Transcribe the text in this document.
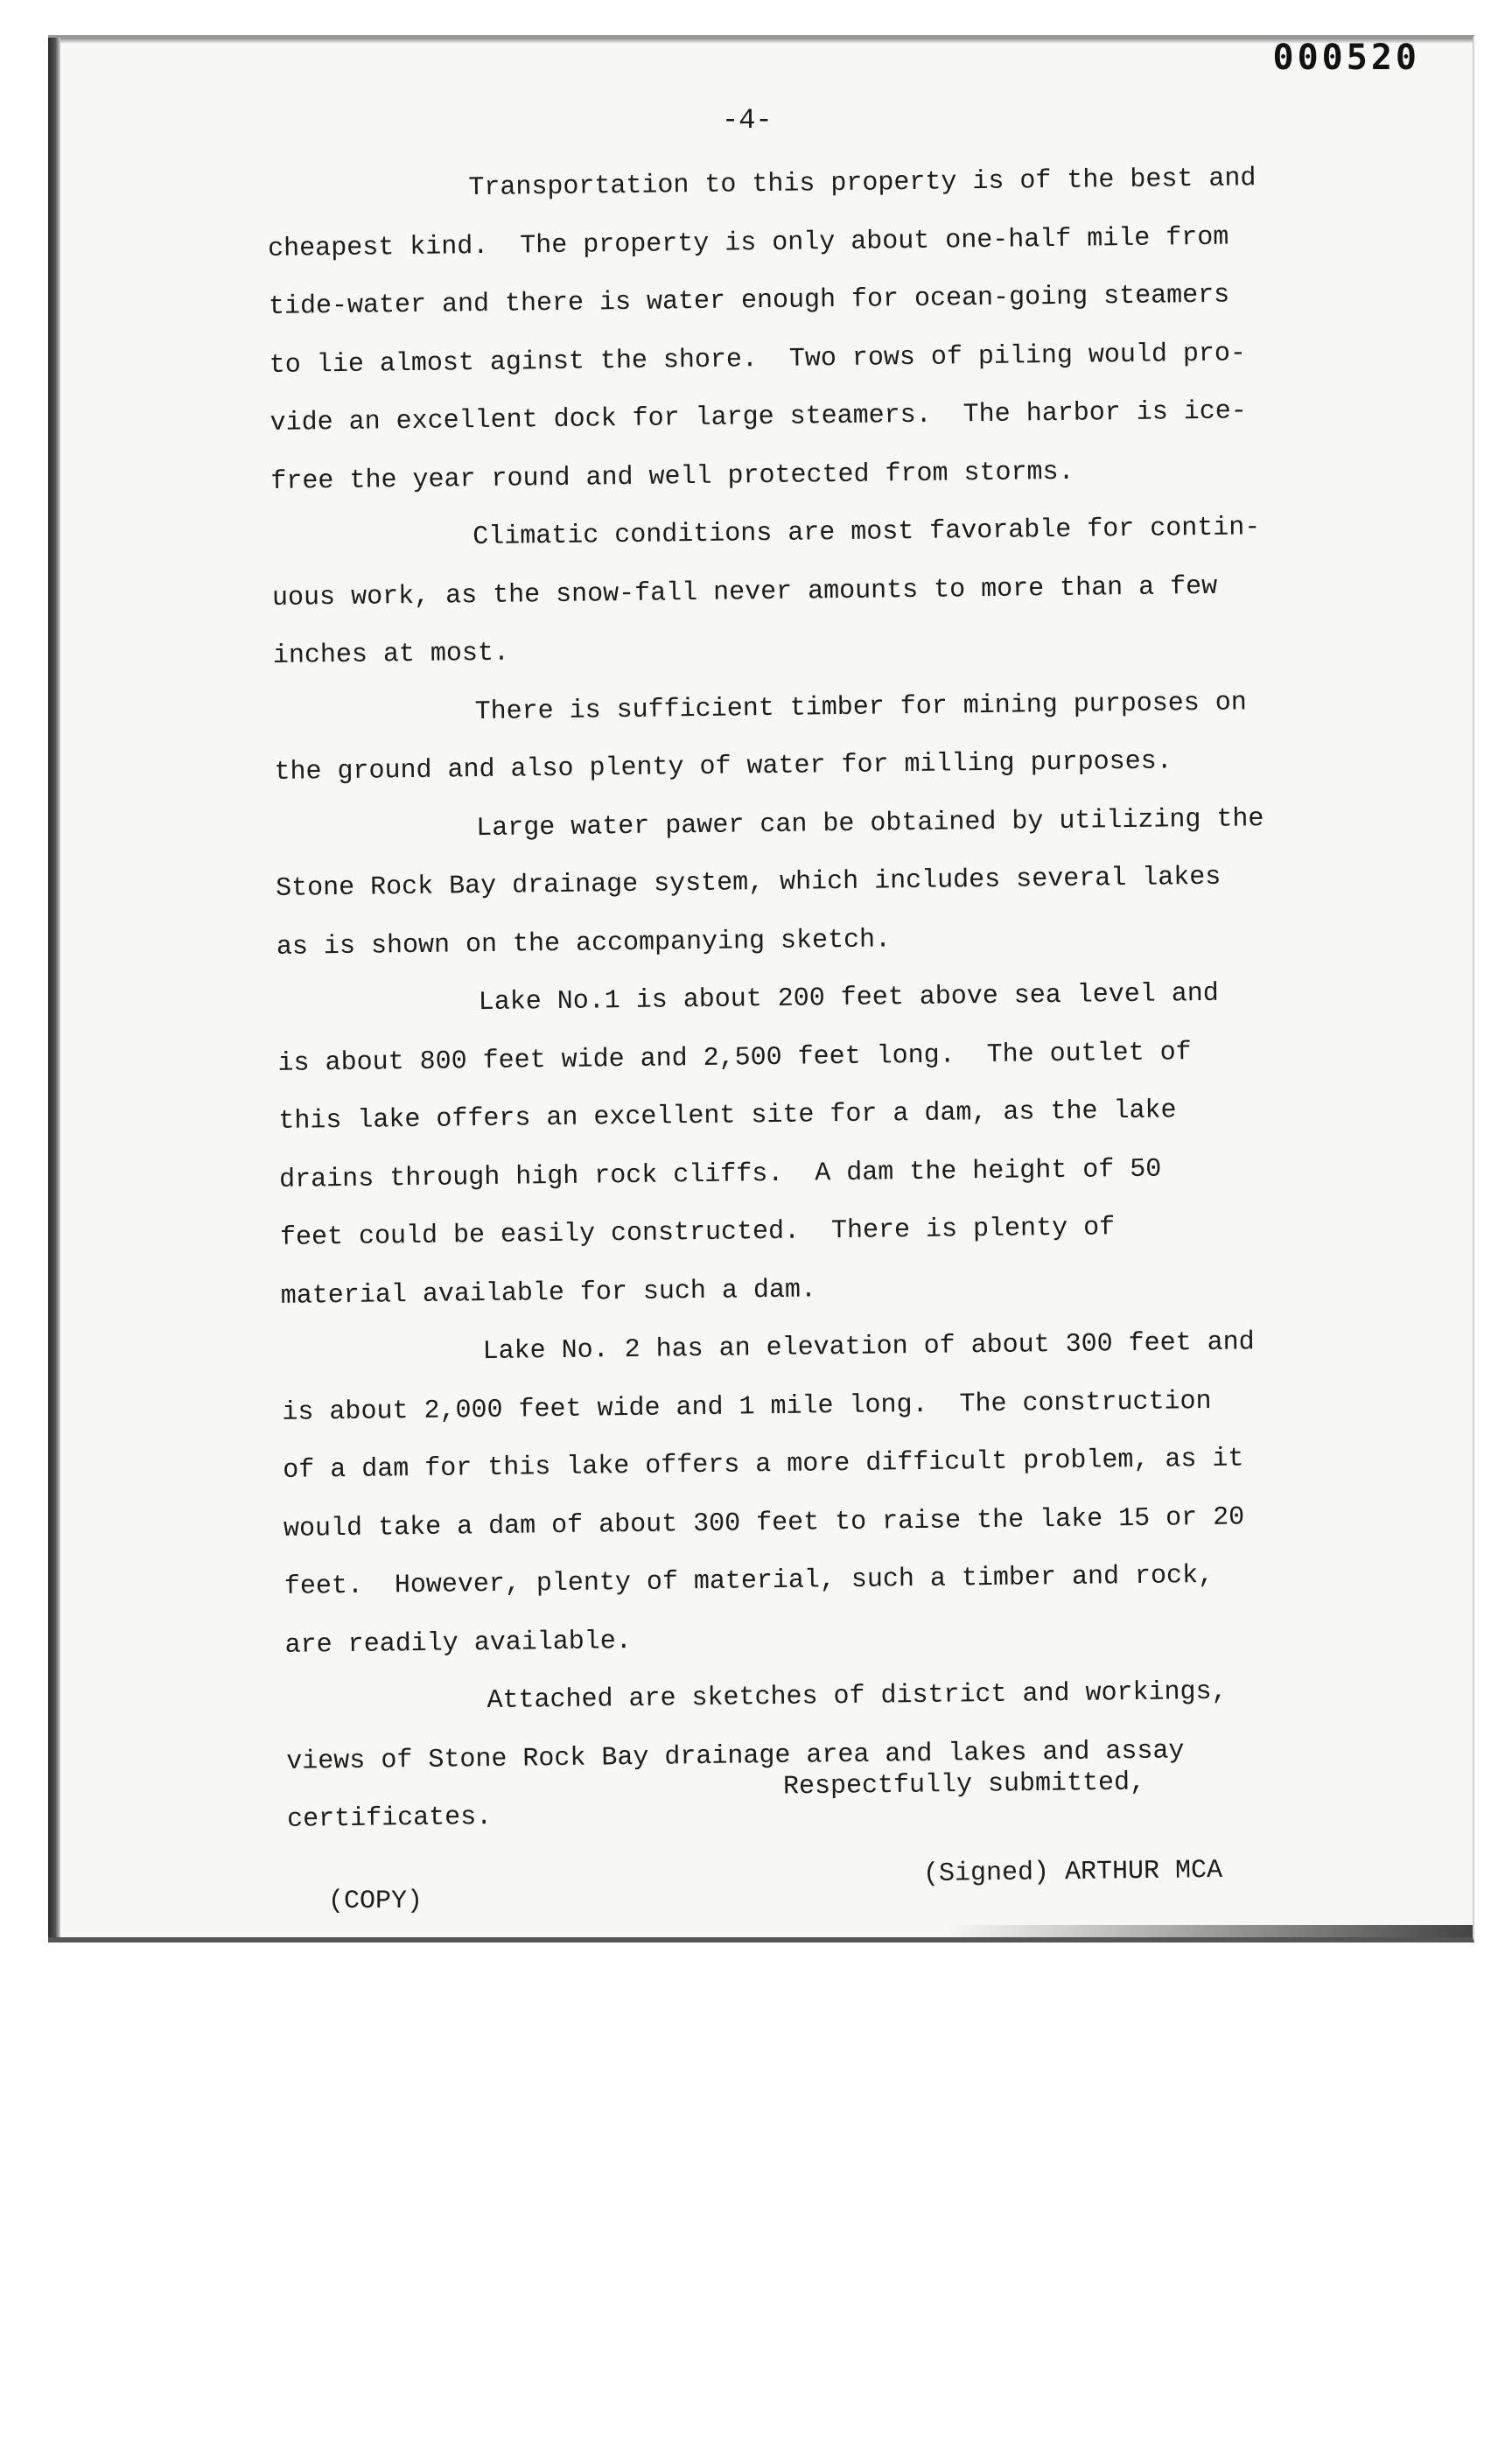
000520
-4-
Transportation to this property is of the best and
cheapest kind.  The property is only about one-half mile from
tide-water and there is water enough for ocean-going steamers
to lie almost aginst the shore.  Two rows of piling would pro-
vide an excellent dock for large steamers.  The harbor is ice-
free the year round and well protected from storms.
Climatic conditions are most favorable for contin-
uous work, as the snow-fall never amounts to more than a few
inches at most.
There is sufficient timber for mining purposes on
the ground and also plenty of water for milling purposes.
Large water pawer can be obtained by utilizing the
Stone Rock Bay drainage system, which includes several lakes
as is shown on the accompanying sketch.
Lake No.1 is about 200 feet above sea level and
is about 800 feet wide and 2,500 feet long.  The outlet of
this lake offers an excellent site for a dam, as the lake
drains through high rock cliffs.  A dam the height of 50
feet could be easily constructed.  There is plenty of
material available for such a dam.
Lake No. 2 has an elevation of about 300 feet and
is about 2,000 feet wide and 1 mile long.  The construction
of a dam for this lake offers a more difficult problem, as it
would take a dam of about 300 feet to raise the lake 15 or 20
feet.  However, plenty of material, such a timber and rock,
are readily available.
Attached are sketches of district and workings,
views of Stone Rock Bay drainage area and lakes and assay
certificates.
Respectfully submitted,
(COPY)
(Signed) ARTHUR MCA
